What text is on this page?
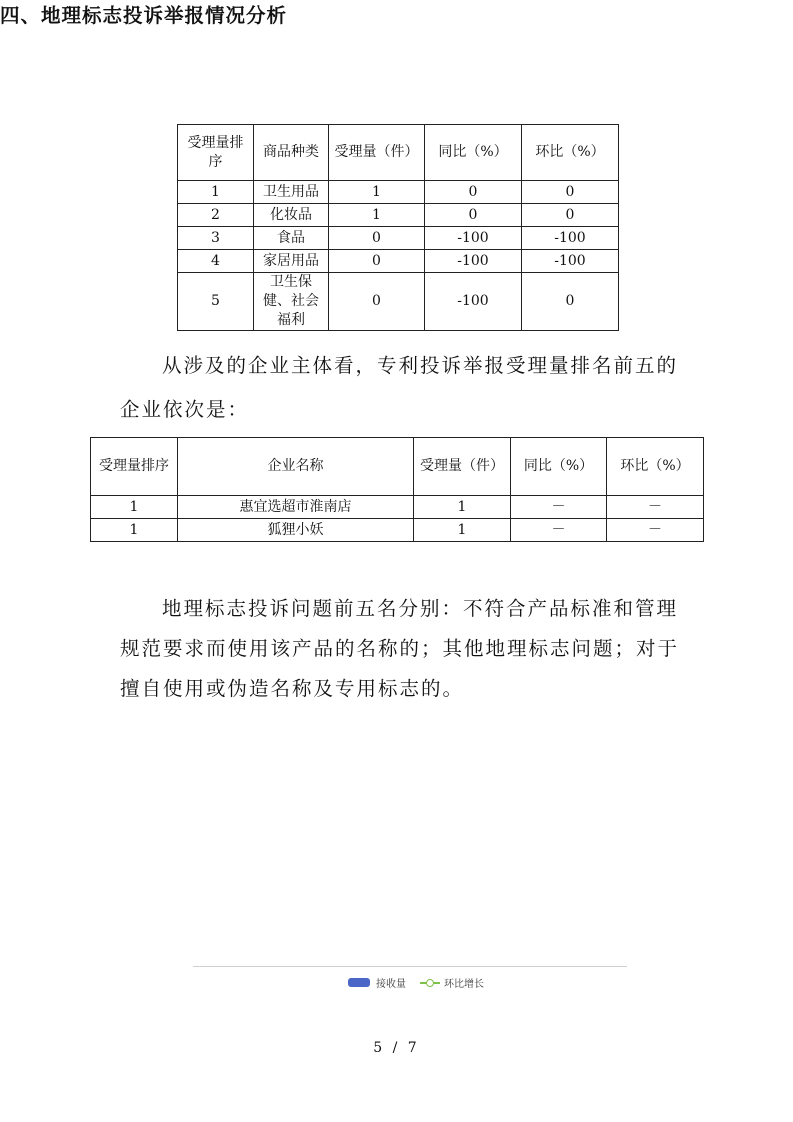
受理量排序	商品种类	受理量（件）	同比（%）	环比（%）
1	卫生用品	1	0	0
2	化妆品	1	0	0
3	食品	0	-100	-100
4	家居用品	0	-100	-100
5	卫生保健、社会福利	0	-100	0

从涉及的企业主体看，专利投诉举报受理量排名前五的企业依次是：

受理量排序	企业名称	受理量（件）	同比（%）	环比（%）
1	惠宜选超市淮南店	1	－	－
1	狐狸小妖	1	－	－
四、地理标志投诉举报情况分析

地理标志投诉问题前五名分别：不符合产品标准和管理规范要求而使用该产品的名称的；其他地理标志问题；对于擅自使用或伪造名称及专用标志的。

接收量	环比增长
5 / 7
